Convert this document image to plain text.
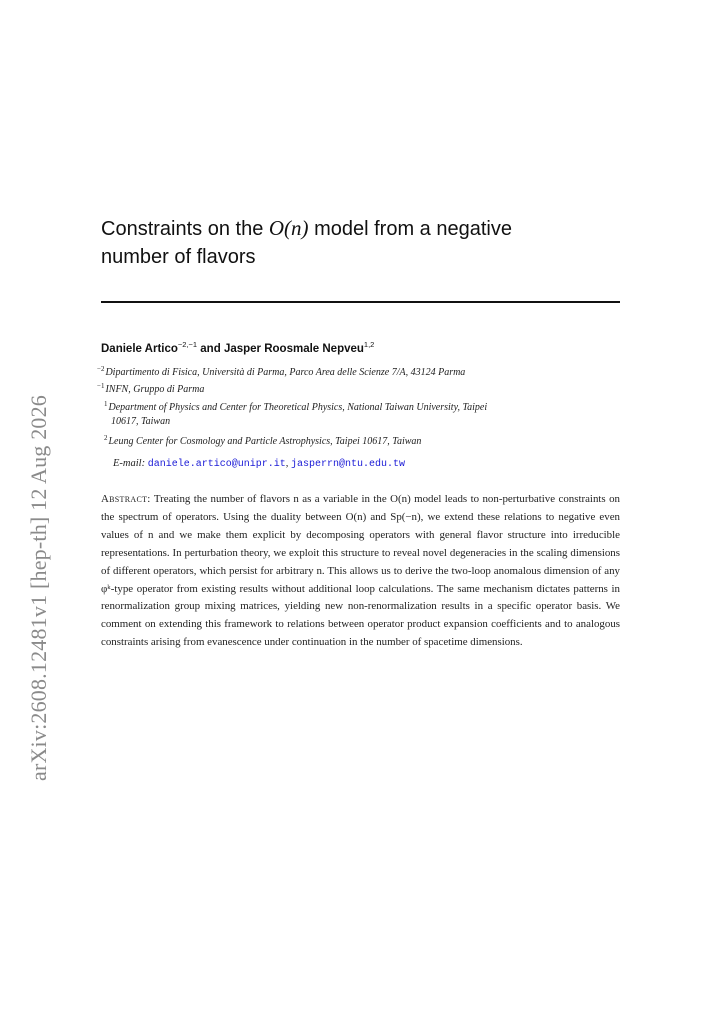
arXiv:2608.12481v1 [hep-th] 12 Aug 2026
Constraints on the O(n) model from a negative
number of flavors
Daniele Artico$^{-2,-1}$ and Jasper Roosmale Nepveu$^{1,2}$
$^{-2}$Dipartimento di Fisica, Università di Parma, Parco Area delle Scienze 7/A, 43124 Parma
$^{-1}$INFN, Gruppo di Parma
$^1$Department of Physics and Center for Theoretical Physics, National Taiwan University, Taipei
10617, Taiwan
$^2$Leung Center for Cosmology and Particle Astrophysics, Taipei 10617, Taiwan
E-mail: daniele.artico@unipr.it, jasperrn@ntu.edu.tw

Abstract: Treating the number of flavors n as a variable in the O(n) model leads to non-perturbative constraints on the spectrum of operators. Using the duality between O(n) and Sp(−n), we extend these relations to negative even values of n and we make them explicit by decomposing operators with general flavor structure into irreducible representations. In perturbation theory, we exploit this structure to reveal novel degeneracies in the scaling dimensions of different operators, which persist for arbitrary n. This allows us to derive the two-loop anomalous dimension of any φᵏ-type operator from existing results without additional loop calculations. The same mechanism dictates patterns in renormalization group mixing matrices, yielding new non-renormalization results in a specific operator basis. We comment on extending this framework to relations between operator product expansion coefficients and to analogous constraints arising from evanescence under continuation in the number of spacetime dimensions.
